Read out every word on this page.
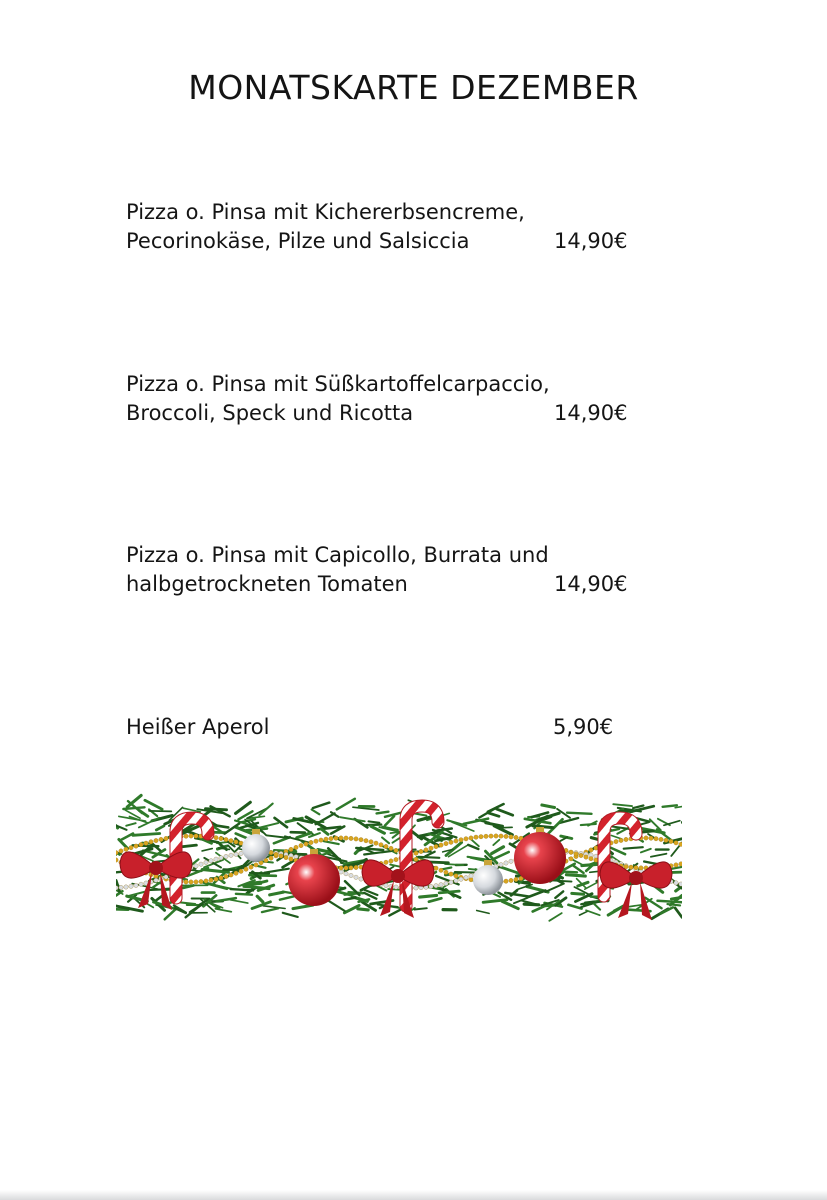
MONATSKARTE DEZEMBER
Pizza o. Pinsa mit Kichererbsencreme,
Pecorinokäse, Pilze und Salsiccia	14,90€
Pizza o. Pinsa mit Süßkartoffelcarpaccio,
Broccoli, Speck und Ricotta	14,90€
Pizza o. Pinsa mit Capicollo, Burrata und
halbgetrockneten Tomaten	14,90€
Heißer Aperol	5,90€
